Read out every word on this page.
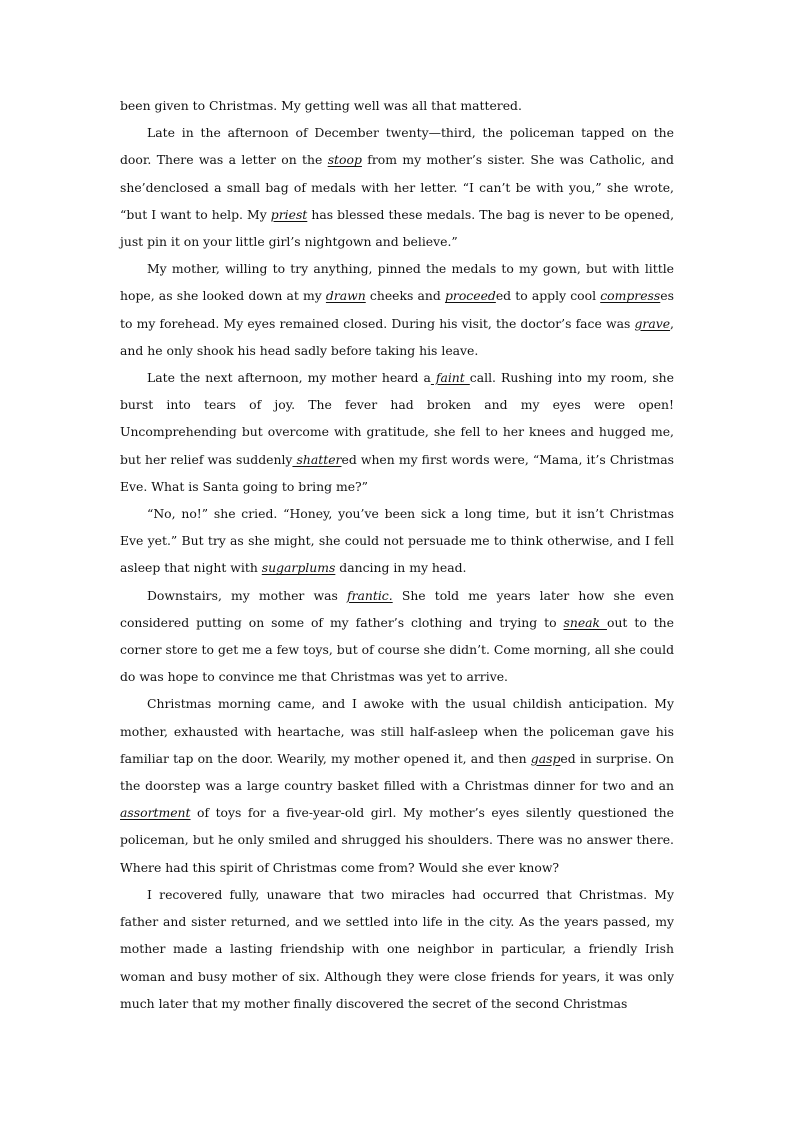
been given to Christmas. My getting well was all that mattered.

Late in the afternoon of December twenty—third, the policeman tapped on the door. There was a letter on the stoop from my mother’s sister. She was Catholic, and she’denclosed a small bag of medals with her letter. “I can’t be with you,” she wrote, “but I want to help. My priest has blessed these medals. The bag is never to be opened, just pin it on your little girl’s nightgown and believe.”

My mother, willing to try anything, pinned the medals to my gown, but with little hope, as she looked down at my drawn cheeks and proceeded to apply cool compresses to my forehead. My eyes remained closed. During his visit, the doctor’s face was grave, and he only shook his head sadly before taking his leave.

Late the next afternoon, my mother heard a faint call. Rushing into my room, she burst into tears of joy. The fever had broken and my eyes were open! Uncomprehending but overcome with gratitude, she fell to her knees and hugged me, but her relief was suddenly shattered when my first words were, “Mama, it’s Christmas Eve. What is Santa going to bring me?”

“No, no!” she cried. “Honey, you’ve been sick a long time, but it isn’t Christmas Eve yet.” But try as she might, she could not persuade me to think otherwise, and I fell asleep that night with sugarplums dancing in my head.

Downstairs, my mother was frantic. She told me years later how she even considered putting on some of my father’s clothing and trying to sneak out to the corner store to get me a few toys, but of course she didn’t. Come morning, all she could do was hope to convince me that Christmas was yet to arrive.

Christmas morning came, and I awoke with the usual childish anticipation. My mother, exhausted with heartache, was still half-asleep when the policeman gave his familiar tap on the door. Wearily, my mother opened it, and then gasped in surprise. On the doorstep was a large country basket filled with a Christmas dinner for two and an assortment of toys for a five-year-old girl. My mother’s eyes silently questioned the policeman, but he only smiled and shrugged his shoulders. There was no answer there. Where had this spirit of Christmas come from? Would she ever know?

I recovered fully, unaware that two miracles had occurred that Christmas. My father and sister returned, and we settled into life in the city. As the years passed, my mother made a lasting friendship with one neighbor in particular, a friendly Irish woman and busy mother of six. Although they were close friends for years, it was only much later that my mother finally discovered the secret of the second Christmas
